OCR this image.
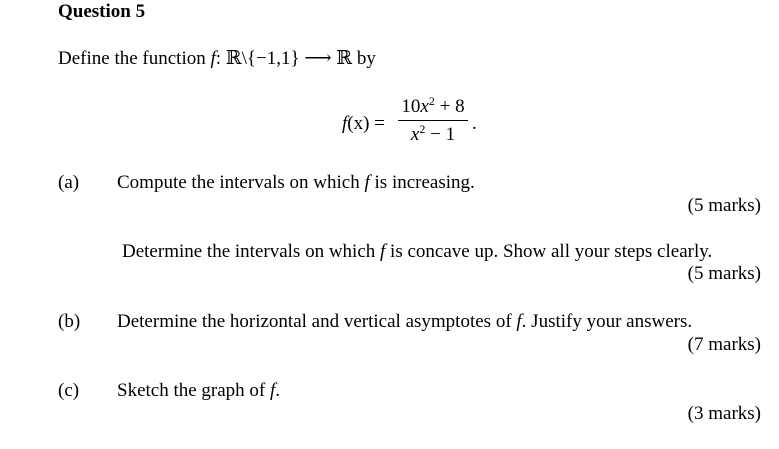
Question 5
Define the function f: ℝ\{−1,1} ⟶ ℝ by
f(x) =
$10x^2 + 8$
$x^2 - 1$
.
(a) Compute the intervals on which f is increasing.
(5 marks)
Determine the intervals on which f is concave up. Show all your steps clearly.
(5 marks)
(b) Determine the horizontal and vertical asymptotes of f. Justify your answers.
(7 marks)
(c) Sketch the graph of f.
(3 marks)
